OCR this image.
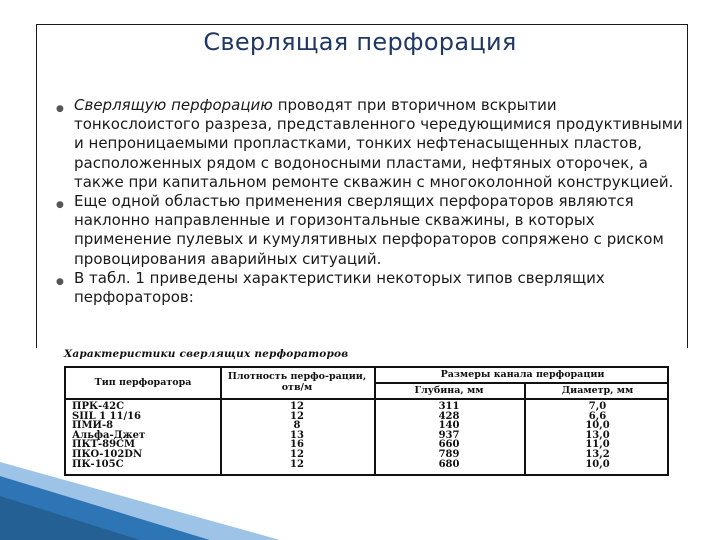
Сверлящая перфорация
● Сверлящую перфорацию проводят при вторичном вскрытии тонкослоистого разреза, представленного чередующимися продуктивными и непроницаемыми пропластками, тонких нефтенасыщенных пластов, расположенных рядом с водоносными пластами, нефтяных оторочек, а также при капитальном ремонте скважин с многоколонной конструкцией.
● Еще одной областью применения сверлящих перфораторов являются наклонно направленные и горизонтальные скважины, в которых применение пулевых и кумулятивных перфораторов сопряжено с риском провоцирования аварийных ситуаций.
● В табл. 1 приведены характеристики некоторых типов сверлящих перфораторов:
Характеристики сверлящих перфораторов
Тип перфоратора
Плотность перфо-рации, отв/м
Размеры канала перфорации
Глубина, мм	Диаметр, мм
ПРК-42С
SIIL 1 11/16
ПМИ-8
Альфа-Джет
ПКТ-89СМ
ПКО-102DN
ПК-105С
12
12
8
13
16
12
12
311
428
140
937
660
789
680
7,0
6,6
10,0
13,0
11,0
13,2
10,0
